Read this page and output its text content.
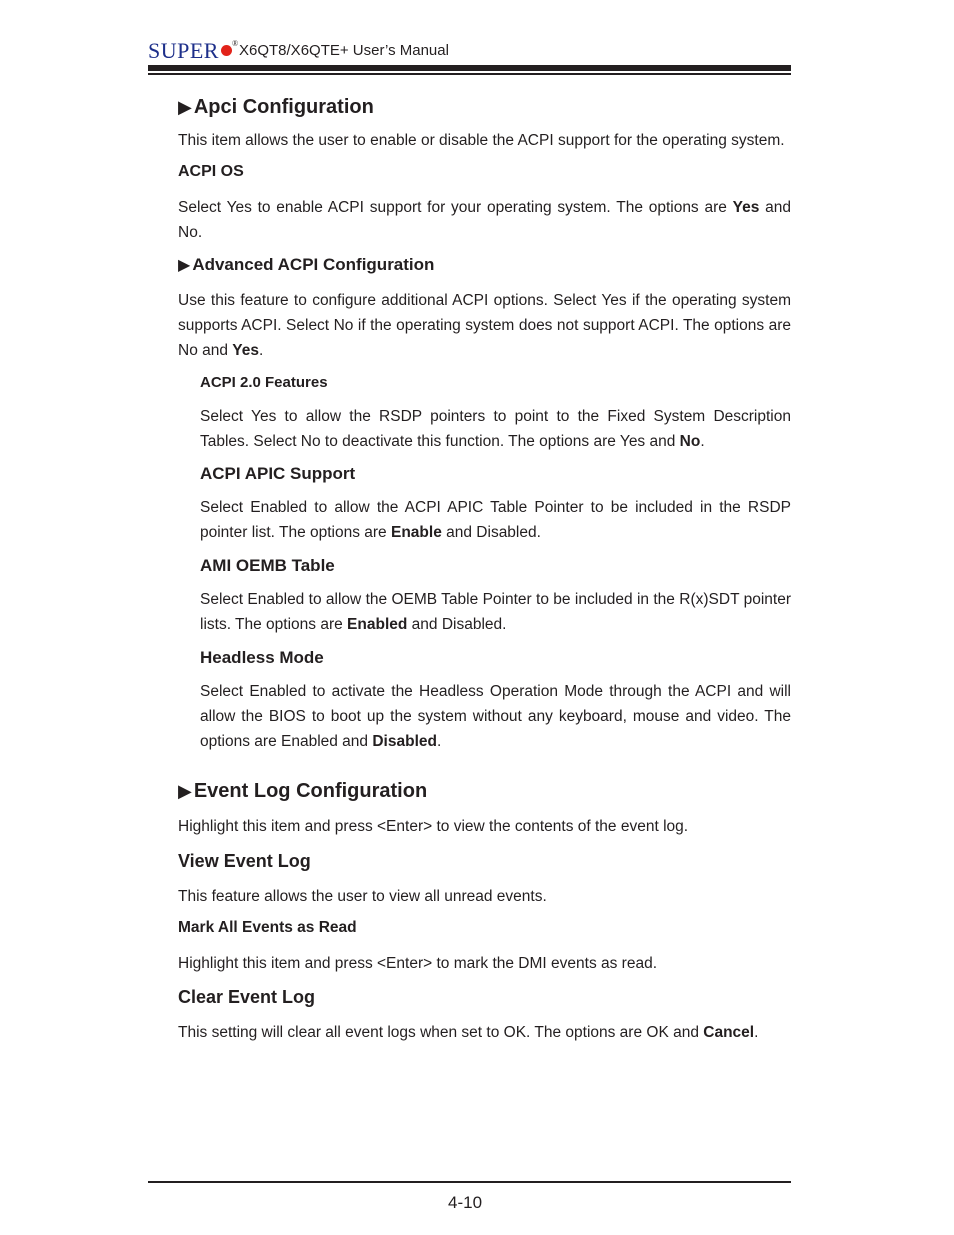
SUPER ® X6QT8/X6QTE+ User’s Manual
▶ Apci Configuration

This item allows the user to enable or disable the ACPI support for the operating system.

ACPI OS

Select Yes to enable ACPI support for your operating system. The options are Yes and No.

▶ Advanced ACPI Configuration

Use this feature to configure additional ACPI options. Select Yes if the operating system supports ACPI. Select No if the operating system does not support ACPI. The options are No and Yes.

ACPI 2.0 Features

Select Yes to allow the RSDP pointers to point to the Fixed System Description Tables. Select No to deactivate this function. The options are Yes and No.

ACPI APIC Support

Select Enabled to allow the ACPI APIC Table Pointer to be included in the RSDP pointer list. The options are Enable and Disabled.

AMI OEMB Table

Select Enabled to allow the OEMB Table Pointer to be included in the R(x)SDT pointer lists. The options are Enabled and Disabled.

Headless Mode

Select Enabled to activate the Headless Operation Mode through the ACPI and will allow the BIOS to boot up the system without any keyboard, mouse and video. The options are Enabled and Disabled.

▶ Event Log Configuration

Highlight this item and press <Enter> to view the contents of the event log.

View Event Log

This feature allows the user to view all unread events.

Mark All Events as Read

Highlight this item and press <Enter> to mark the DMI events as read.

Clear Event Log

This setting will clear all event logs when set to OK. The options are OK and Cancel.

4-10
